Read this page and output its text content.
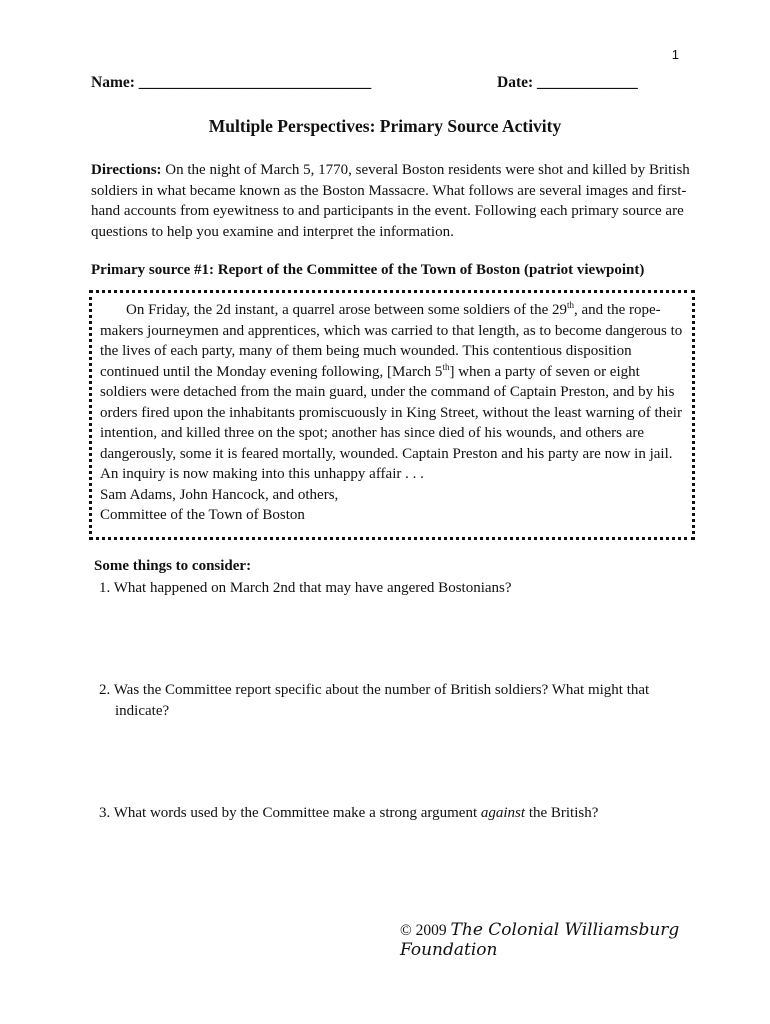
1
Name: ______________________________	Date: _____________
Multiple Perspectives: Primary Source Activity
Directions: On the night of March 5, 1770, several Boston residents were shot and killed by British soldiers in what became known as the Boston Massacre. What follows are several images and first-hand accounts from eyewitness to and participants in the event. Following each primary source are questions to help you examine and interpret the information.
Primary source #1: Report of the Committee of the Town of Boston (patriot viewpoint)

On Friday, the 2d instant, a quarrel arose between some soldiers of the 29th, and the rope-makers journeymen and apprentices, which was carried to that length, as to become dangerous to the lives of each party, many of them being much wounded. This contentious disposition continued until the Monday evening following, [March 5th] when a party of seven or eight soldiers were detached from the main guard, under the command of Captain Preston, and by his orders fired upon the inhabitants promiscuously in King Street, without the least warning of their intention, and killed three on the spot; another has since died of his wounds, and others are dangerously, some it is feared mortally, wounded. Captain Preston and his party are now in jail. An inquiry is now making into this unhappy affair . . .

Sam Adams, John Hancock, and others,

Committee of the Town of Boston

Some things to consider:
1. What happened on March 2nd that may have angered Bostonians?
2. Was the Committee report specific about the number of British soldiers? What might that
indicate?
3. What words used by the Committee make a strong argument against the British?
© 2009 The Colonial Williamsburg Foundation
